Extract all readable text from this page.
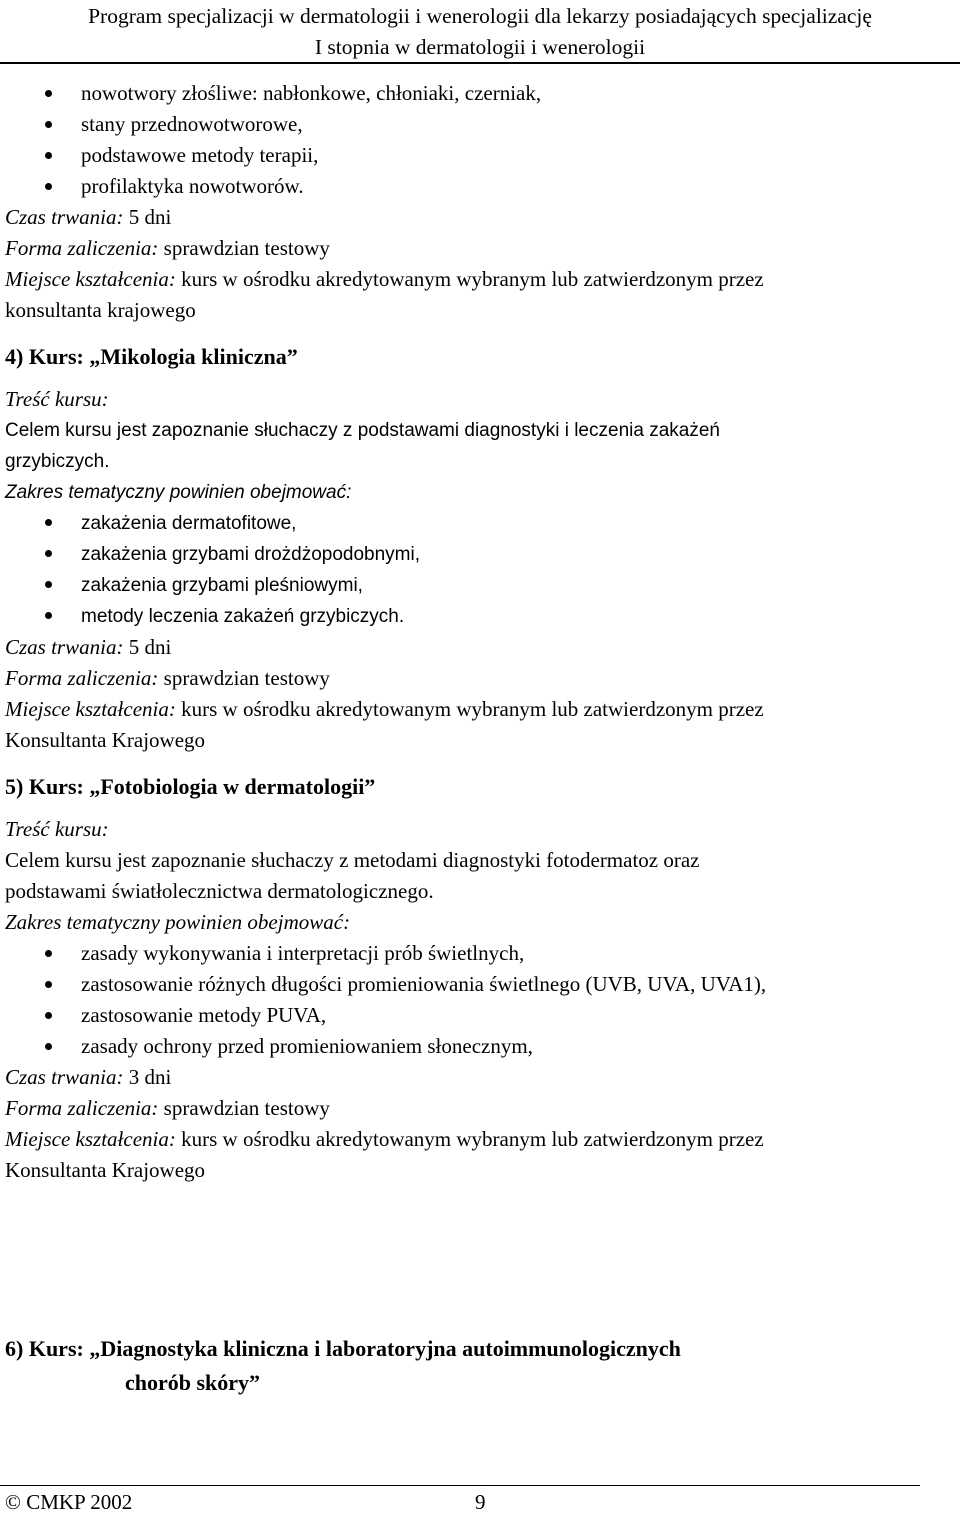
Program specjalizacji w dermatologii i wenerologii dla lekarzy posiadających specjalizację
I stopnia w dermatologii i wenerologii
nowotwory złośliwe: nabłonkowe, chłoniaki, czerniak,
stany przednowotworowe,
podstawowe metody terapii,
profilaktyka nowotworów.
Czas trwania: 5 dni
Forma zaliczenia: sprawdzian testowy
Miejsce kształcenia: kurs w ośrodku akredytowanym wybranym lub zatwierdzonym przez
konsultanta krajowego
4) Kurs: „Mikologia kliniczna”
Treść kursu:
Celem kursu jest zapoznanie słuchaczy z podstawami diagnostyki i leczenia zakażeń
grzybiczych.
Zakres tematyczny powinien obejmować:
zakażenia dermatofitowe,
zakażenia grzybami drożdżopodobnymi,
zakażenia grzybami pleśniowymi,
metody leczenia zakażeń grzybiczych.
Czas trwania: 5 dni
Forma zaliczenia: sprawdzian testowy
Miejsce kształcenia: kurs w ośrodku akredytowanym wybranym lub zatwierdzonym przez
Konsultanta Krajowego
5) Kurs: „Fotobiologia w dermatologii”
Treść kursu:
Celem kursu jest zapoznanie słuchaczy z metodami diagnostyki fotodermatoz oraz
podstawami światłolecznictwa dermatologicznego.
Zakres tematyczny powinien obejmować:
zasady wykonywania i interpretacji prób świetlnych,
zastosowanie różnych długości promieniowania świetlnego (UVB, UVA, UVA1),
zastosowanie metody PUVA,
zasady ochrony przed promieniowaniem słonecznym,
Czas trwania: 3 dni
Forma zaliczenia: sprawdzian testowy
Miejsce kształcenia: kurs w ośrodku akredytowanym wybranym lub zatwierdzonym przez
Konsultanta Krajowego
6) Kurs: „Diagnostyka kliniczna i laboratoryjna autoimmunologicznych
chorób skóry”
© CMKP 2002	9
